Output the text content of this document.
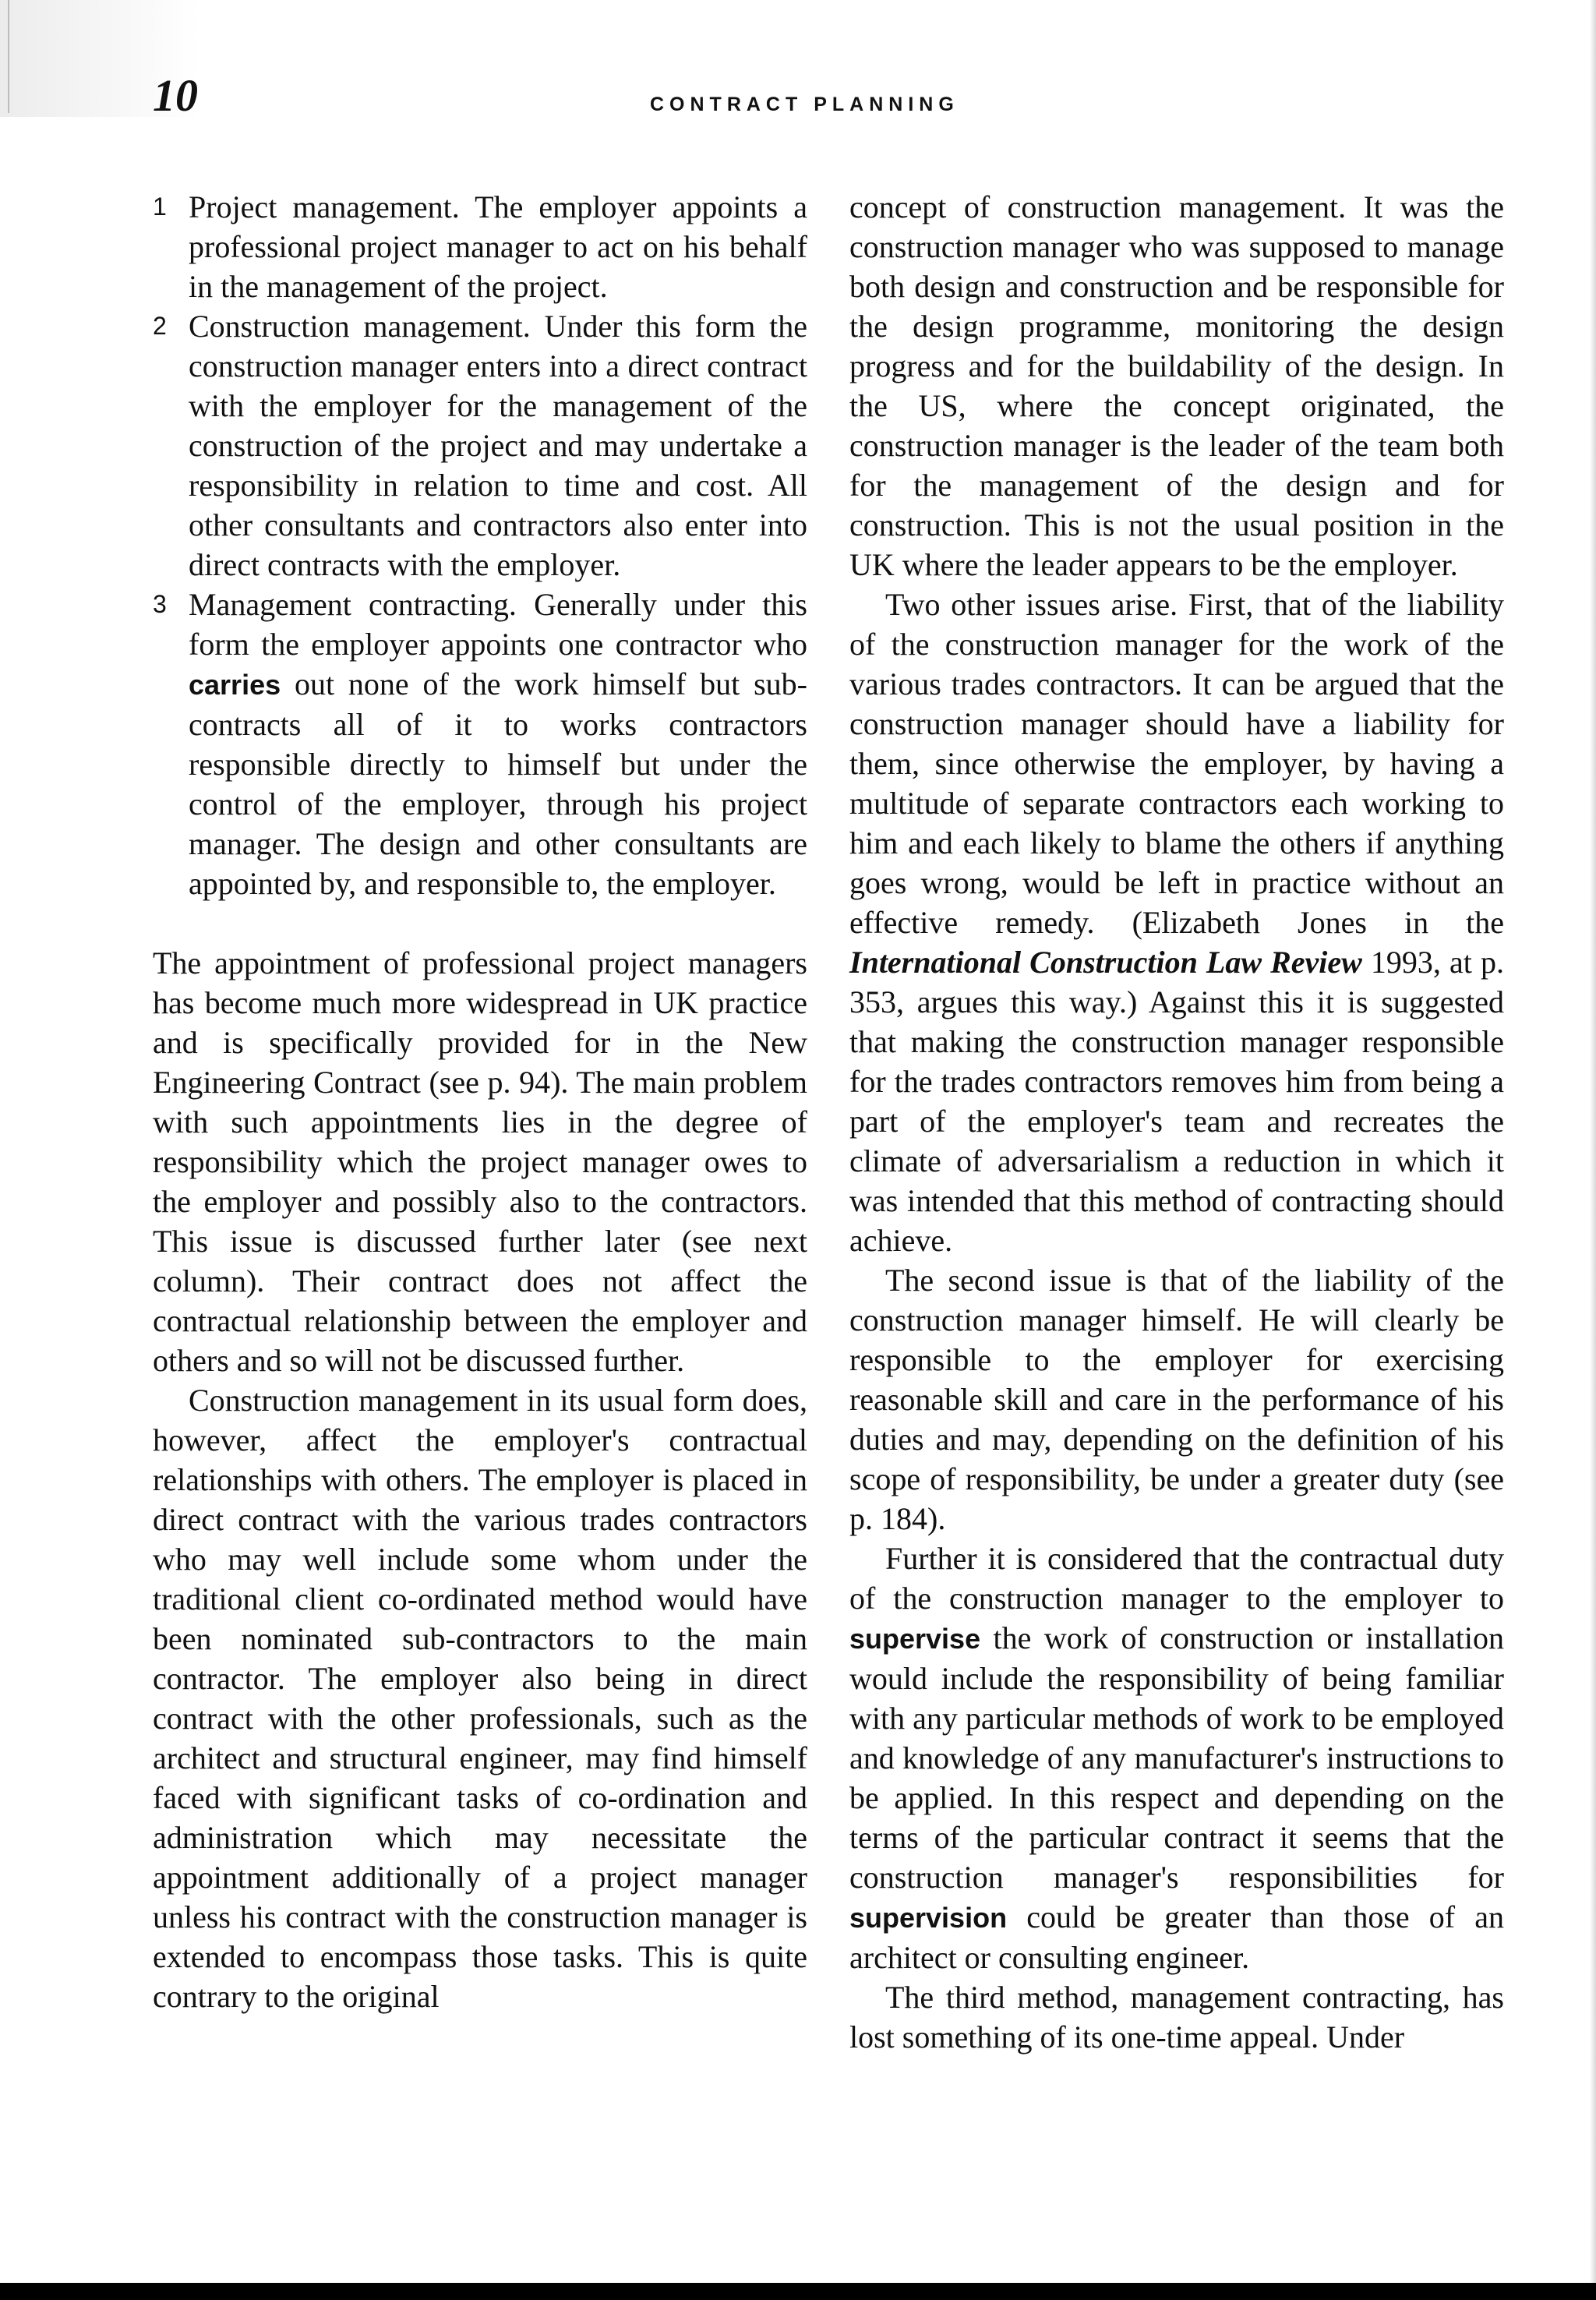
10	CONTRACT PLANNING
1 Project management. The employer appoints a professional project manager to act on his behalf in the management of the project.
2 Construction management. Under this form the construction manager enters into a direct contract with the employer for the management of the construction of the project and may undertake a responsibility in relation to time and cost. All other consultants and contractors also enter into direct contracts with the employer.
3 Management contracting. Generally under this form the employer appoints one contractor who carries out none of the work himself but sub-contracts all of it to works contractors responsible directly to himself but under the control of the employer, through his project manager. The design and other consultants are appointed by, and responsible to, the employer.

The appointment of professional project managers has become much more widespread in UK practice and is specifically provided for in the New Engineering Contract (see p. 94). The main problem with such appointments lies in the degree of responsibility which the project manager owes to the employer and possibly also to the contractors. This issue is discussed further later (see next column). Their contract does not affect the contractual relationship between the employer and others and so will not be discussed further.

Construction management in its usual form does, however, affect the employer's contractual relationships with others. The employer is placed in direct contract with the various trades contractors who may well include some whom under the traditional client co-ordinated method would have been nominated sub-contractors to the main contractor. The employer also being in direct contract with the other professionals, such as the architect and structural engineer, may find himself faced with significant tasks of co-ordination and administration which may necessitate the appointment additionally of a project manager unless his contract with the construction manager is extended to encompass those tasks. This is quite contrary to the original

concept of construction management. It was the construction manager who was supposed to manage both design and construction and be responsible for the design programme, monitoring the design progress and for the buildability of the design. In the US, where the concept originated, the construction manager is the leader of the team both for the management of the design and for construction. This is not the usual position in the UK where the leader appears to be the employer.

Two other issues arise. First, that of the liability of the construction manager for the work of the various trades contractors. It can be argued that the construction manager should have a liability for them, since otherwise the employer, by having a multitude of separate contractors each working to him and each likely to blame the others if anything goes wrong, would be left in practice without an effective remedy. (Elizabeth Jones in the International Construction Law Review 1993, at p. 353, argues this way.) Against this it is suggested that making the construction manager responsible for the trades contractors removes him from being a part of the employer's team and recreates the climate of adversarialism a reduction in which it was intended that this method of contracting should achieve.

The second issue is that of the liability of the construction manager himself. He will clearly be responsible to the employer for exercising reasonable skill and care in the performance of his duties and may, depending on the definition of his scope of responsibility, be under a greater duty (see p. 184).

Further it is considered that the contractual duty of the construction manager to the employer to supervise the work of construction or installation would include the responsibility of being familiar with any particular methods of work to be employed and knowledge of any manufacturer's instructions to be applied. In this respect and depending on the terms of the particular contract it seems that the construction manager's responsibilities for supervision could be greater than those of an architect or consulting engineer.

The third method, management contracting, has lost something of its one-time appeal. Under
